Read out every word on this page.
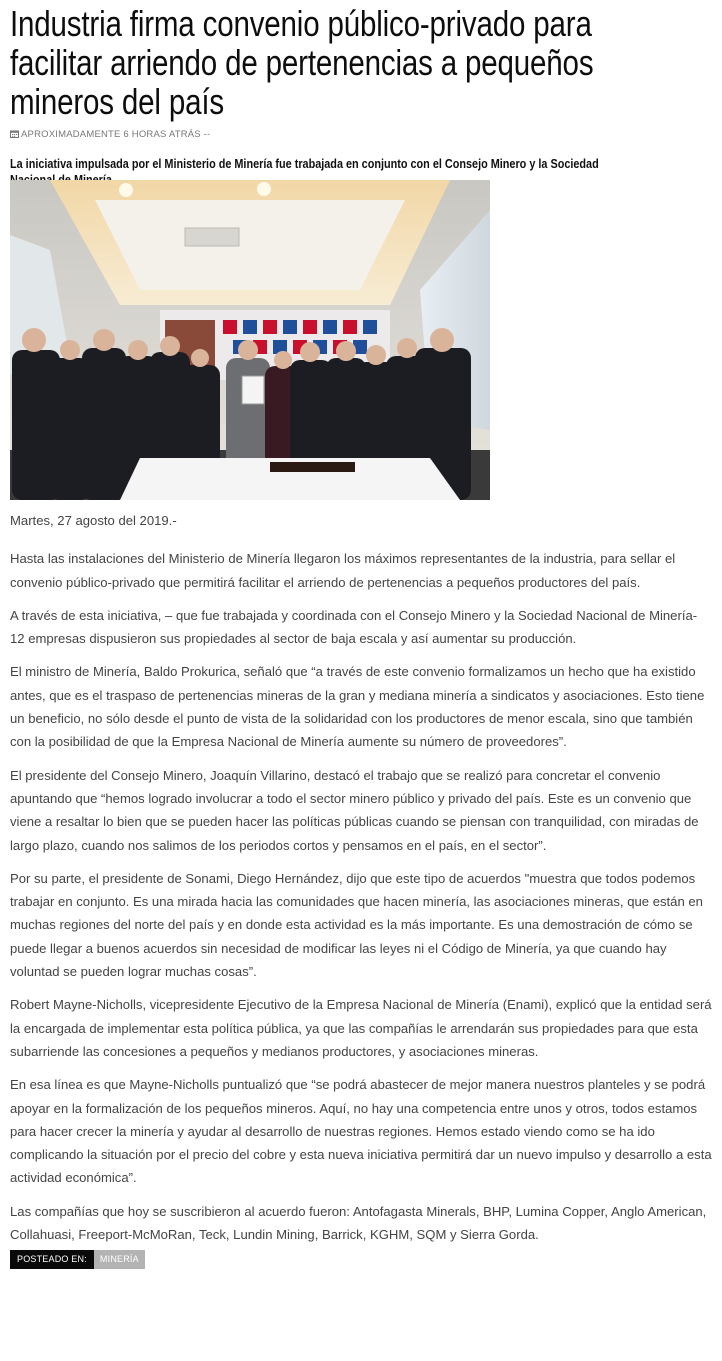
Industria firma convenio público-privado para
facilitar arriendo de pertenencias a pequeños
mineros del país
APROXIMADAMENTE 6 HORAS ATRÁS --

La iniciativa impulsada por el Ministerio de Minería fue trabajada en conjunto con el Consejo Minero y la Sociedad

Martes, 27 agosto del 2019.-

Hasta las instalaciones del Ministerio de Minería llegaron los máximos representantes de la industria, para sellar el convenio público-privado que permitirá facilitar el arriendo de pertenencias a pequeños productores del país.

A través de esta iniciativa, – que fue trabajada y coordinada con el Consejo Minero y la Sociedad Nacional de Minería- 12 empresas dispusieron sus propiedades al sector de baja escala y así aumentar su producción.

El ministro de Minería, Baldo Prokurica, señaló que “a través de este convenio formalizamos un hecho que ha existido antes, que es el traspaso de pertenencias mineras de la gran y mediana minería a sindicatos y asociaciones. Esto tiene un beneficio, no sólo desde el punto de vista de la solidaridad con los productores de menor escala, sino que también con la posibilidad de que la Empresa Nacional de Minería aumente su número de proveedores”.

El presidente del Consejo Minero, Joaquín Villarino, destacó el trabajo que se realizó para concretar el convenio apuntando que “hemos logrado involucrar a todo el sector minero público y privado del país. Este es un convenio que viene a resaltar lo bien que se pueden hacer las políticas públicas cuando se piensan con tranquilidad, con miradas de largo plazo, cuando nos salimos de los periodos cortos y pensamos en el país, en el sector”.

Por su parte, el presidente de Sonami, Diego Hernández, dijo que este tipo de acuerdos "muestra que todos podemos trabajar en conjunto. Es una mirada hacia las comunidades que hacen minería, las asociaciones mineras, que están en muchas regiones del norte del país y en donde esta actividad es la más importante. Es una demostración de cómo se puede llegar a buenos acuerdos sin necesidad de modificar las leyes ni el Código de Minería, ya que cuando hay voluntad se pueden lograr muchas cosas”.

Robert Mayne-Nicholls, vicepresidente Ejecutivo de la Empresa Nacional de Minería (Enami), explicó que la entidad será la encargada de implementar esta política pública, ya que las compañías le arrendarán sus propiedades para que esta subarriende las concesiones a pequeños y medianos productores, y asociaciones mineras.

En esa línea es que Mayne-Nicholls puntualizó que “se podrá abastecer de mejor manera nuestros planteles y se podrá apoyar en la formalización de los pequeños mineros. Aquí, no hay una competencia entre unos y otros, todos estamos para hacer crecer la minería y ayudar al desarrollo de nuestras regiones. Hemos estado viendo como se ha ido complicando la situación por el precio del cobre y esta nueva iniciativa permitirá dar un nuevo impulso y desarrollo a esta actividad económica”.

Las compañías que hoy se suscribieron al acuerdo fueron: Antofagasta Minerals, BHP, Lumina Copper, Anglo American, Collahuasi, Freeport-McMoRan, Teck, Lundin Mining, Barrick, KGHM, SQM y Sierra Gorda.

POSTEADO EN:	MINERÍA
